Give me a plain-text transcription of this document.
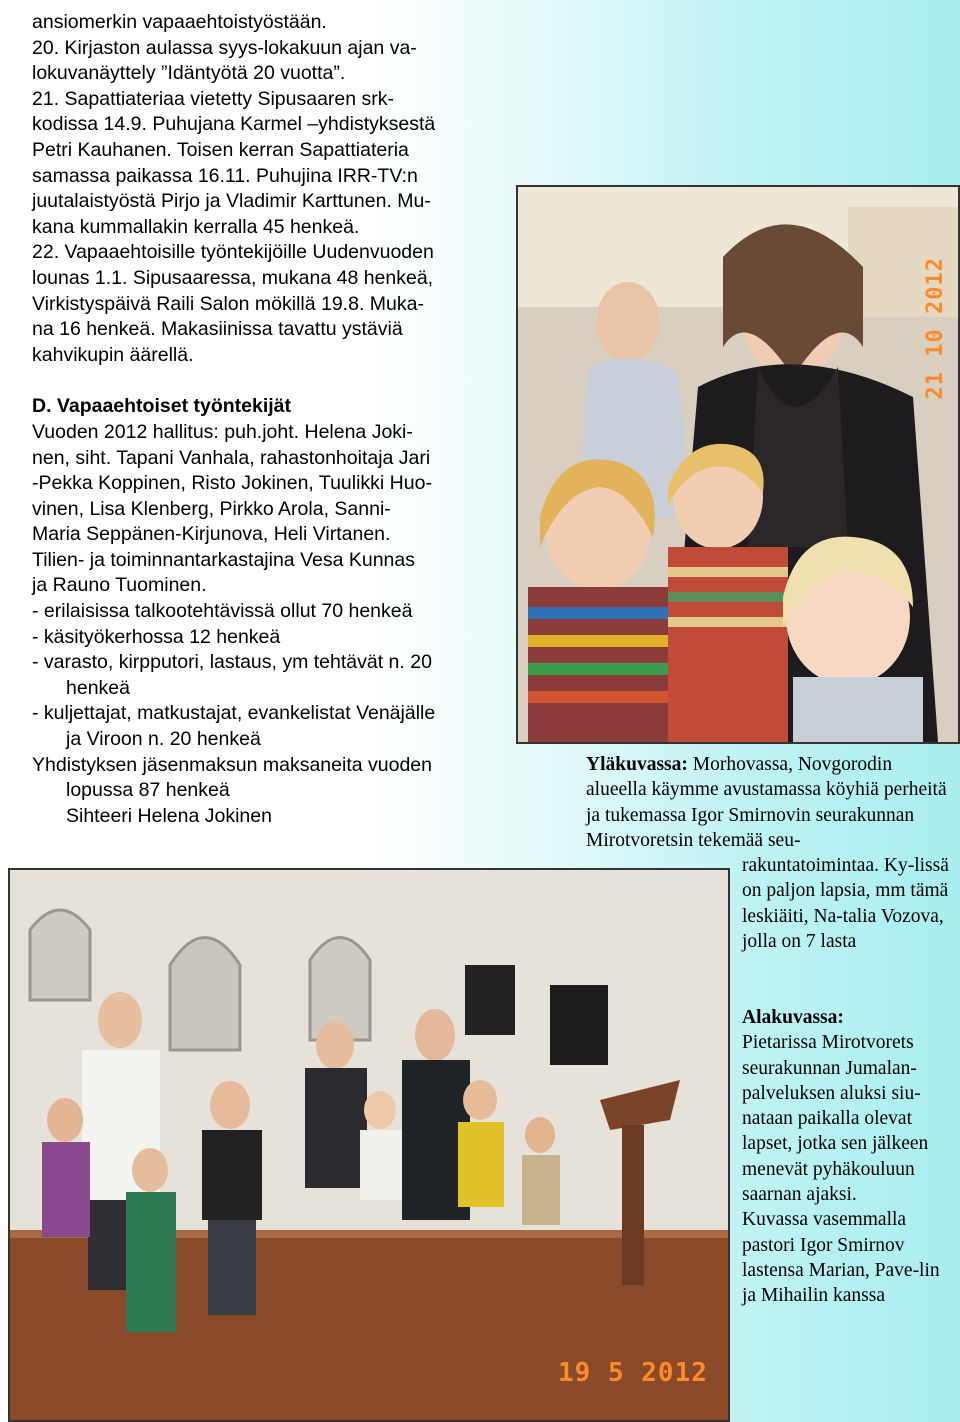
ansiomerkin vapaaehtoistyöstään.
20. Kirjaston aulassa syys-lokakuun ajan va-
lokuvanäyttely ”Idäntyötä 20 vuotta”.
21. Sapattiateriaa vietetty Sipusaaren srk-
kodissa 14.9. Puhujana Karmel –yhdistyksestä
Petri Kauhanen. Toisen kerran Sapattiateria
samassa paikassa 16.11. Puhujina IRR-TV:n
juutalaistyöstä Pirjo ja Vladimir Karttunen. Mu-
kana kummallakin kerralla 45 henkeä.
22. Vapaaehtoisille työntekijöille Uudenvuoden
lounas 1.1. Sipusaaressa, mukana 48 henkeä,
Virkistyspäivä Raili Salon mökillä 19.8. Muka-
na 16 henkeä. Makasiinissa tavattu ystäviä
kahvikupin äärellä.
D. Vapaaehtoiset työntekijät
Vuoden 2012 hallitus: puh.joht. Helena Joki-
nen, siht. Tapani Vanhala, rahastonhoitaja Jari
-Pekka Koppinen, Risto Jokinen, Tuulikki Huo-
vinen, Lisa Klenberg, Pirkko Arola, Sanni-
Maria Seppänen-Kirjunova, Heli Virtanen.
Tilien- ja toiminnantarkastajina Vesa Kunnas
ja Rauno Tuominen.
- erilaisissa talkootehtävissä ollut 70 henkeä
- käsityökerhossa 12 henkeä
- varasto, kirpputori, lastaus, ym tehtävät n. 20
henkeä
- kuljettajat, matkustajat, evankelistat Venäjälle
ja Viroon n. 20 henkeä
Yhdistyksen jäsenmaksun maksaneita vuoden
lopussa 87 henkeä
Sihteeri Helena Jokinen
21 10 2012
19 5 2012
Yläkuvassa: Morhovassa, Novgorodin alueella käymme avustamassa köyhiä perheitä ja tukemassa Igor Smirnovin seurakunnan Mirotvoretsin tekemää seu-
rakuntatoimintaa. Ky-lissä on paljon lapsia, mm tämä leskiäiti, Na-talia Vozova, jolla on 7 lasta
Alakuvassa:
Pietarissa Mirotvorets seurakunnan Jumalan-palveluksen aluksi siu-nataan paikalla olevat lapset, jotka sen jälkeen menevät pyhäkouluun saarnan ajaksi.
Kuvassa vasemmalla pastori Igor Smirnov lastensa Marian, Pave-lin ja Mihailin kanssa
